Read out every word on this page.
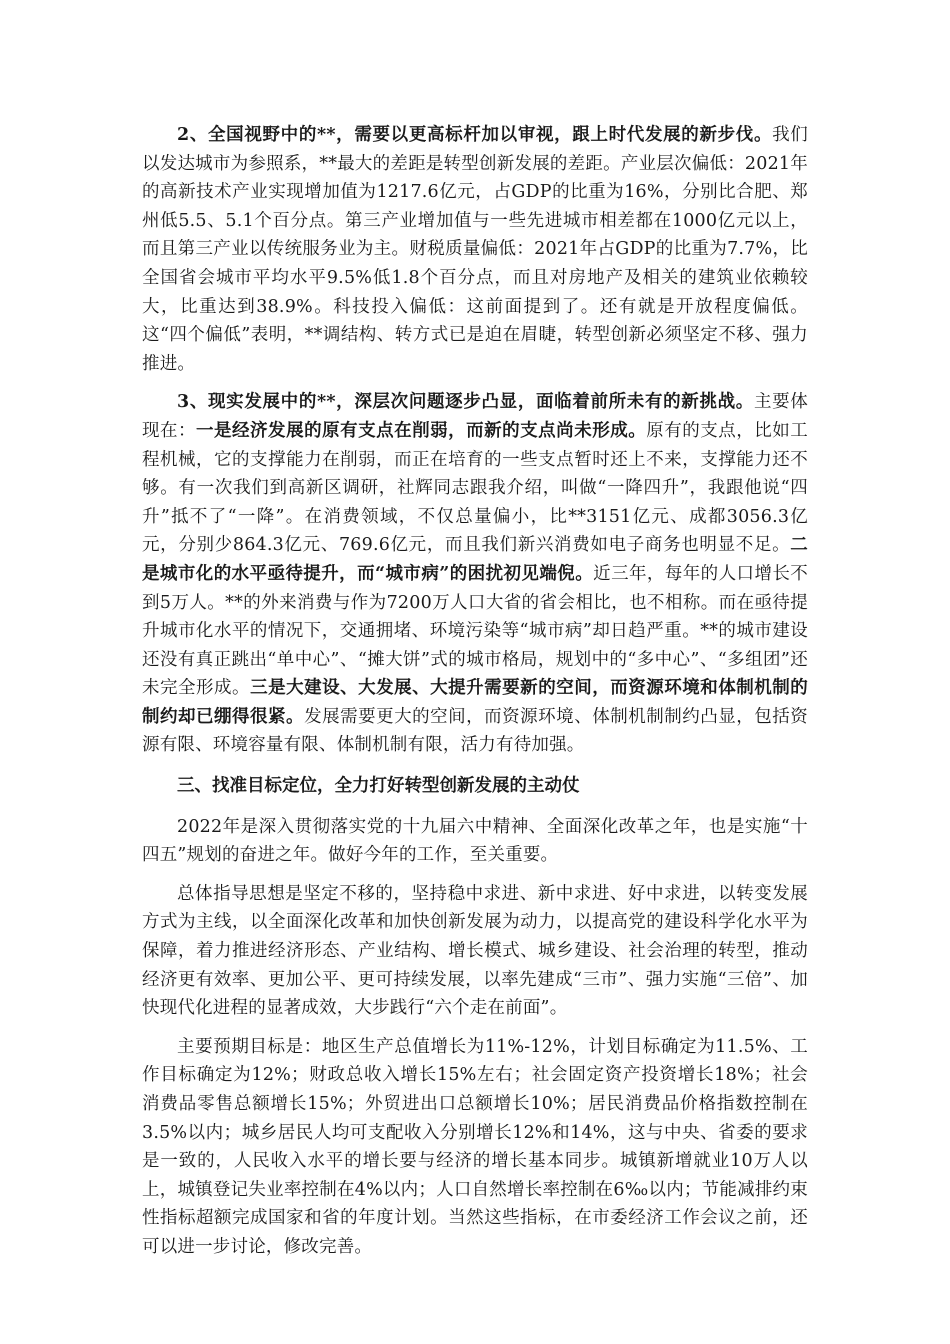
2、全国视野中的**，需要以更高标杆加以审视，跟上时代发展的新步伐。我们以发达城市为参照系，**最大的差距是转型创新发展的差距。产业层次偏低：2021年的高新技术产业实现增加值为1217.6亿元，占GDP的比重为16%，分别比合肥、郑州低5.5、5.1个百分点。第三产业增加值与一些先进城市相差都在1000亿元以上，而且第三产业以传统服务业为主。财税质量偏低：2021年占GDP的比重为7.7%，比全国省会城市平均水平9.5%低1.8个百分点，而且对房地产及相关的建筑业依赖较大，比重达到38.9%。科技投入偏低：这前面提到了。还有就是开放程度偏低。这“四个偏低”表明，**调结构、转方式已是迫在眉睫，转型创新必须坚定不移、强力推进。

3、现实发展中的**，深层次问题逐步凸显，面临着前所未有的新挑战。主要体现在：一是经济发展的原有支点在削弱，而新的支点尚未形成。原有的支点，比如工程机械，它的支撑能力在削弱，而正在培育的一些支点暂时还上不来，支撑能力还不够。有一次我们到高新区调研，社辉同志跟我介绍，叫做“一降四升”，我跟他说“四升”抵不了“一降”。在消费领域，不仅总量偏小，比**3151亿元、成都3056.3亿元，分别少864.3亿元、769.6亿元，而且我们新兴消费如电子商务也明显不足。二是城市化的水平亟待提升，而“城市病”的困扰初见端倪。近三年，每年的人口增长不到5万人。**的外来消费与作为7200万人口大省的省会相比，也不相称。而在亟待提升城市化水平的情况下，交通拥堵、环境污染等“城市病”却日趋严重。**的城市建设还没有真正跳出“单中心”、“摊大饼”式的城市格局，规划中的“多中心”、“多组团”还未完全形成。三是大建设、大发展、大提升需要新的空间，而资源环境和体制机制的制约却已绷得很紧。发展需要更大的空间，而资源环境、体制机制制约凸显，包括资源有限、环境容量有限、体制机制有限，活力有待加强。

三、找准目标定位，全力打好转型创新发展的主动仗

2022年是深入贯彻落实党的十九届六中精神、全面深化改革之年，也是实施“十四五”规划的奋进之年。做好今年的工作，至关重要。

总体指导思想是坚定不移的，坚持稳中求进、新中求进、好中求进，以转变发展方式为主线，以全面深化改革和加快创新发展为动力，以提高党的建设科学化水平为保障，着力推进经济形态、产业结构、增长模式、城乡建设、社会治理的转型，推动经济更有效率、更加公平、更可持续发展，以率先建成“三市”、强力实施“三倍”、加快现代化进程的显著成效，大步践行“六个走在前面”。

主要预期目标是：地区生产总值增长为11%-12%，计划目标确定为11.5%、工作目标确定为12%；财政总收入增长15%左右；社会固定资产投资增长18%；社会消费品零售总额增长15%；外贸进出口总额增长10%；居民消费品价格指数控制在3.5%以内；城乡居民人均可支配收入分别增长12%和14%，这与中央、省委的要求是一致的，人民收入水平的增长要与经济的增长基本同步。城镇新增就业10万人以上，城镇登记失业率控制在4%以内；人口自然增长率控制在6‰以内；节能减排约束性指标超额完成国家和省的年度计划。当然这些指标，在市委经济工作会议之前，还可以进一步讨论，修改完善。
